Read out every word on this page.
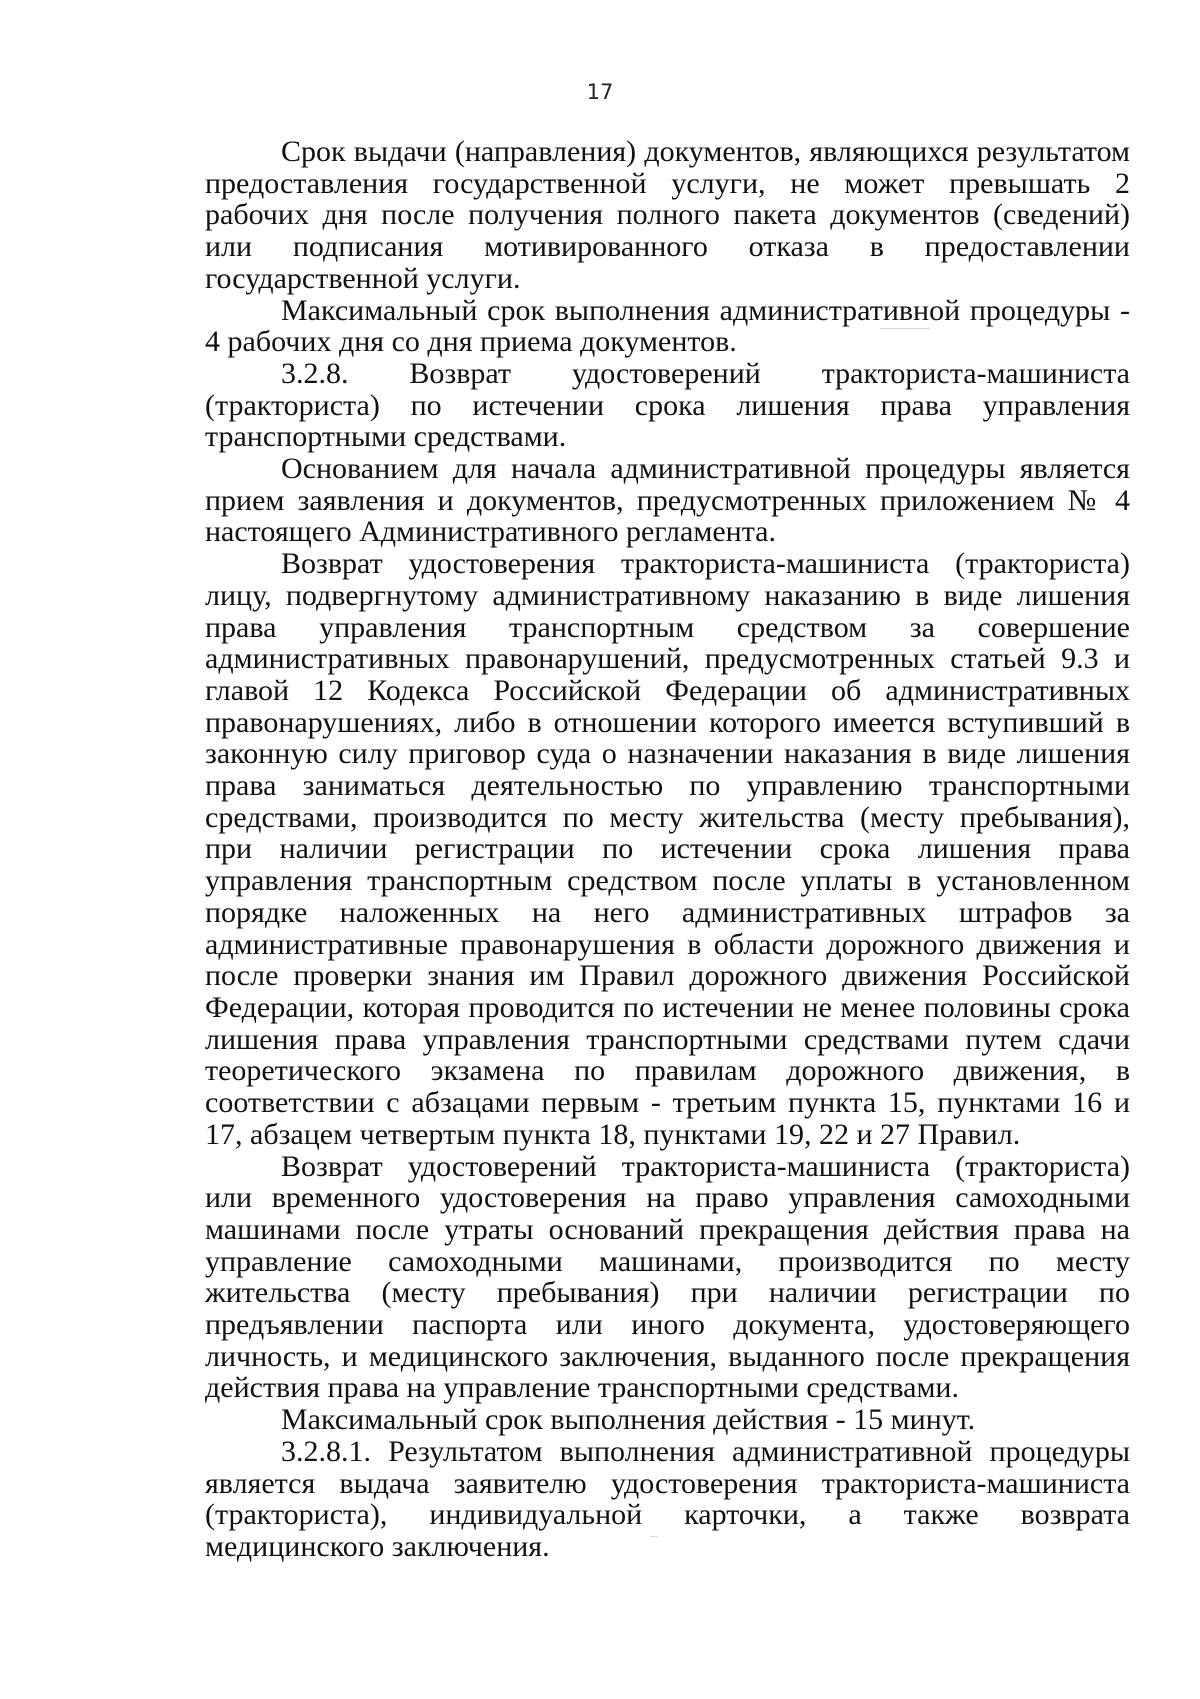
17

Срок выдачи (направления) документов, являющихся результатом предоставления государственной услуги, не может превышать 2 рабочих дня после получения полного пакета документов (сведений) или подписания мотивированного отказа в предоставлении государственной услуги.

Максимальный срок выполнения административной процедуры - 4 рабочих дня со дня приема документов.

3.2.8. Возврат удостоверений тракториста-машиниста (тракториста) по истечении срока лишения права управления транспортными средствами.

Основанием для начала административной процедуры является прием заявления и документов, предусмотренных приложением № 4 настоящего Административного регламента.

Возврат удостоверения тракториста-машиниста (тракториста) лицу, подвергнутому административному наказанию в виде лишения права управления транспортным средством за совершение административных правонарушений, предусмотренных статьей 9.3 и главой 12 Кодекса Российской Федерации об административных правонарушениях, либо в отношении которого имеется вступивший в законную силу приговор суда о назначении наказания в виде лишения права заниматься деятельностью по управлению транспортными средствами, производится по месту жительства (месту пребывания), при наличии регистрации по истечении срока лишения права управления транспортным средством после уплаты в установленном порядке наложенных на него административных штрафов за административные правонарушения в области дорожного движения и после проверки знания им Правил дорожного движения Российской Федерации, которая проводится по истечении не менее половины срока лишения права управления транспортными средствами путем сдачи теоретического экзамена по правилам дорожного движения, в соответствии с абзацами первым - третьим пункта 15, пунктами 16 и 17, абзацем четвертым пункта 18, пунктами 19, 22 и 27 Правил.

Возврат удостоверений тракториста-машиниста (тракториста) или временного удостоверения на право управления самоходными машинами после утраты оснований прекращения действия права на управление самоходными машинами, производится по месту жительства (месту пребывания) при наличии регистрации по предъявлении паспорта или иного документа, удостоверяющего личность, и медицинского заключения, выданного после прекращения действия права на управление транспортными средствами.

Максимальный срок выполнения действия - 15 минут.

3.2.8.1. Результатом выполнения административной процедуры является выдача заявителю удостоверения тракториста-машиниста (тракториста), индивидуальной карточки, а также возврата медицинского заключения.
